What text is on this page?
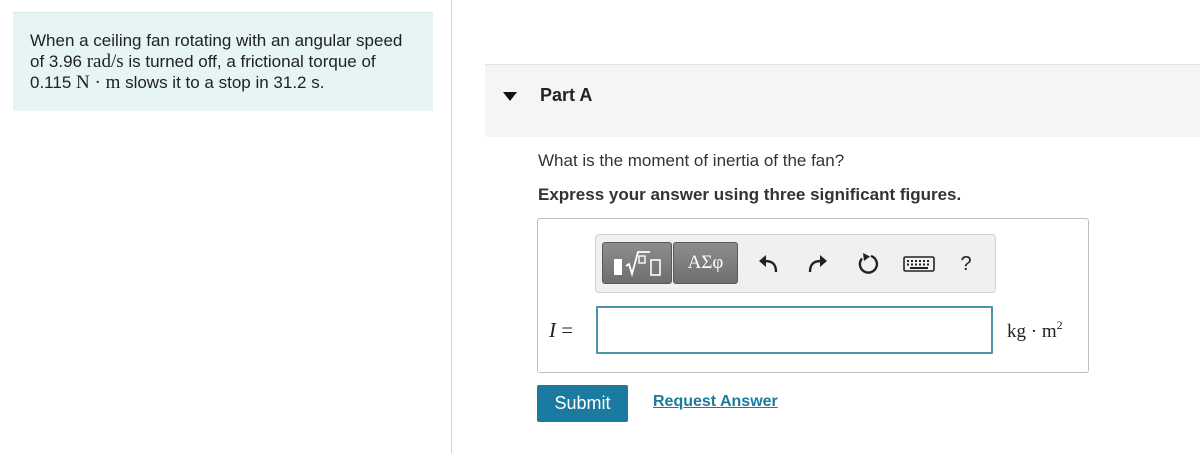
When a ceiling fan rotating with an angular speed
of 3.96 rad/s is turned off, a frictional torque of
0.115 N · m slows it to a stop in 31.2 s.
Part A
What is the moment of inertia of the fan?
Express your answer using three significant figures.
ΑΣφ	?
I =	kg · $m^2$
Submit	Request Answer
